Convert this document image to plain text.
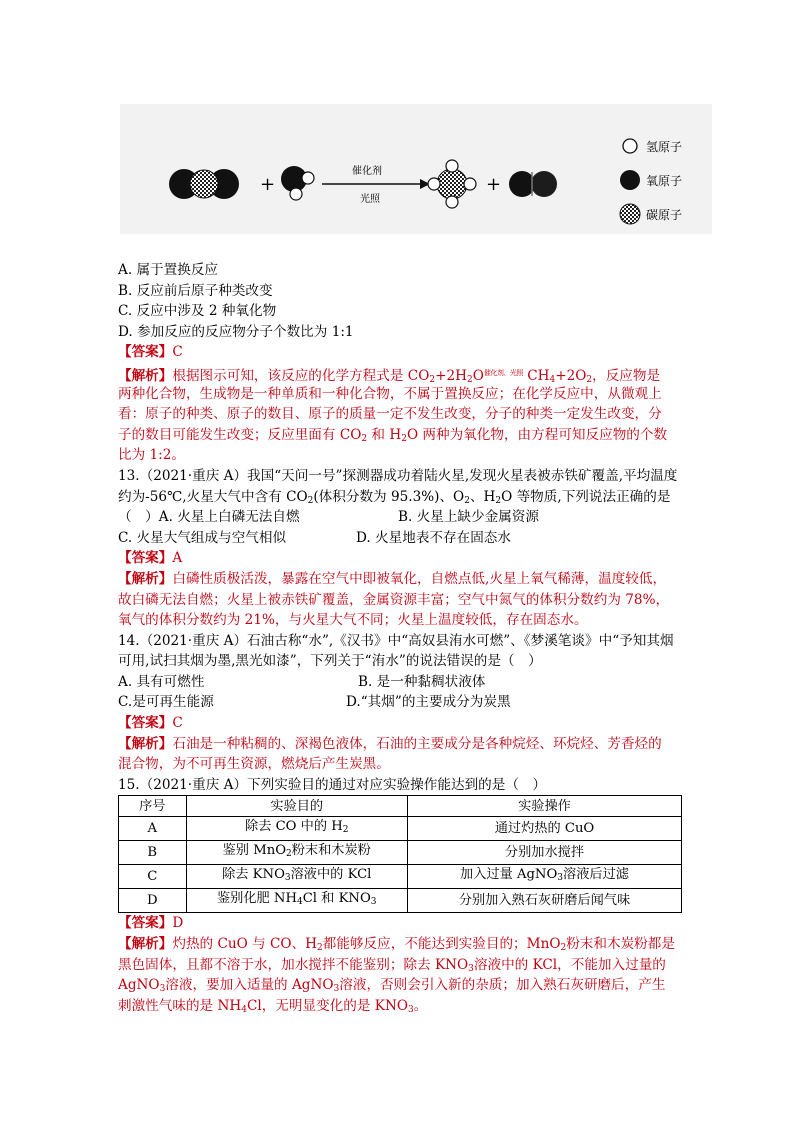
+
催化剂
光照
+
氢原子
氧原子
碳原子
A. 属于置换反应
B. 反应前后原子种类改变
C. 反应中涉及 2 种氧化物
D. 参加反应的反应物分子个数比为 1:1
【答案】C
【解析】根据图示可知，该反应的化学方程式是 $CO_2+2H_2O^{催化剂、光照}$ $CH_4+2O_2$，反应物是
两种化合物，生成物是一种单质和一种化合物，不属于置换反应；在化学反应中，从微观上
看：原子的种类、原子的数目、原子的质量一定不发生改变，分子的种类一定发生改变，分
子的数目可能发生改变；反应里面有 $CO_2$ 和 $H_2O$ 两种为氧化物，由方程可知反应物的个数
比为 1:2。
13.（2021·重庆 A）我国“天问一号”探测器成功着陆火星,发现火星表被赤铁矿覆盖,平均温度
约为-56℃,火星大气中含有 $CO_2$(体积分数为 95.3%)、$O_2$、$H_2O$ 等物质,下列说法正确的是
（　）A. 火星上白磷无法自燃	B. 火星上缺少金属资源
C. 火星大气组成与空气相似	D. 火星地表不存在固态水
【答案】A
【解析】白磷性质极活泼，暴露在空气中即被氧化，自燃点低,火星上氧气稀薄，温度较低，
故白磷无法自燃；火星上被赤铁矿覆盖，金属资源丰富；空气中氮气的体积分数约为 78%，
氧气的体积分数约为 21%，与火星大气不同；火星上温度较低，存在固态水。
14.（2021·重庆 A）石油古称“水”,《汉书》中“高奴县洧水可燃”、《梦溪笔谈》中“予知其烟
可用,试扫其烟为墨,黑光如漆”，下列关于“洧水”的说法错误的是（　）
A. 具有可燃性	B. 是一种黏稠状液体
C.是可再生能源	D.“其烟”的主要成分为炭黑
【答案】C
【解析】石油是一种粘稠的、深褐色液体，石油的主要成分是各种烷烃、环烷烃、芳香烃的
混合物，为不可再生资源，燃烧后产生炭黑。
15.（2021·重庆 A）下列实验目的通过对应实验操作能达到的是（　）
序号	实验目的	实验操作
A	除去 CO 中的 $H_2$	通过灼热的 CuO
B	鉴别 MnO$_2$粉末和木炭粉	分别加水搅拌
C	除去 $KNO_3$溶液中的 KCl	加入过量 AgNO$_3$溶液后过滤
D	鉴别化肥 $NH_4Cl$ 和 $KNO_3$	分别加入熟石灰研磨后闻气味
【答案】D
【解析】灼热的 CuO 与 CO、$H_2$都能够反应，不能达到实验目的；MnO$_2$粉末和木炭粉都是
黑色固体，且都不溶于水，加水搅拌不能鉴别；除去 $KNO_3$溶液中的 KCl，不能加入过量的
AgNO$_3$溶液，要加入适量的 AgNO$_3$溶液，否则会引入新的杂质；加入熟石灰研磨后，产生
刺激性气味的是 $NH_4Cl$，无明显变化的是 $KNO_3$。
